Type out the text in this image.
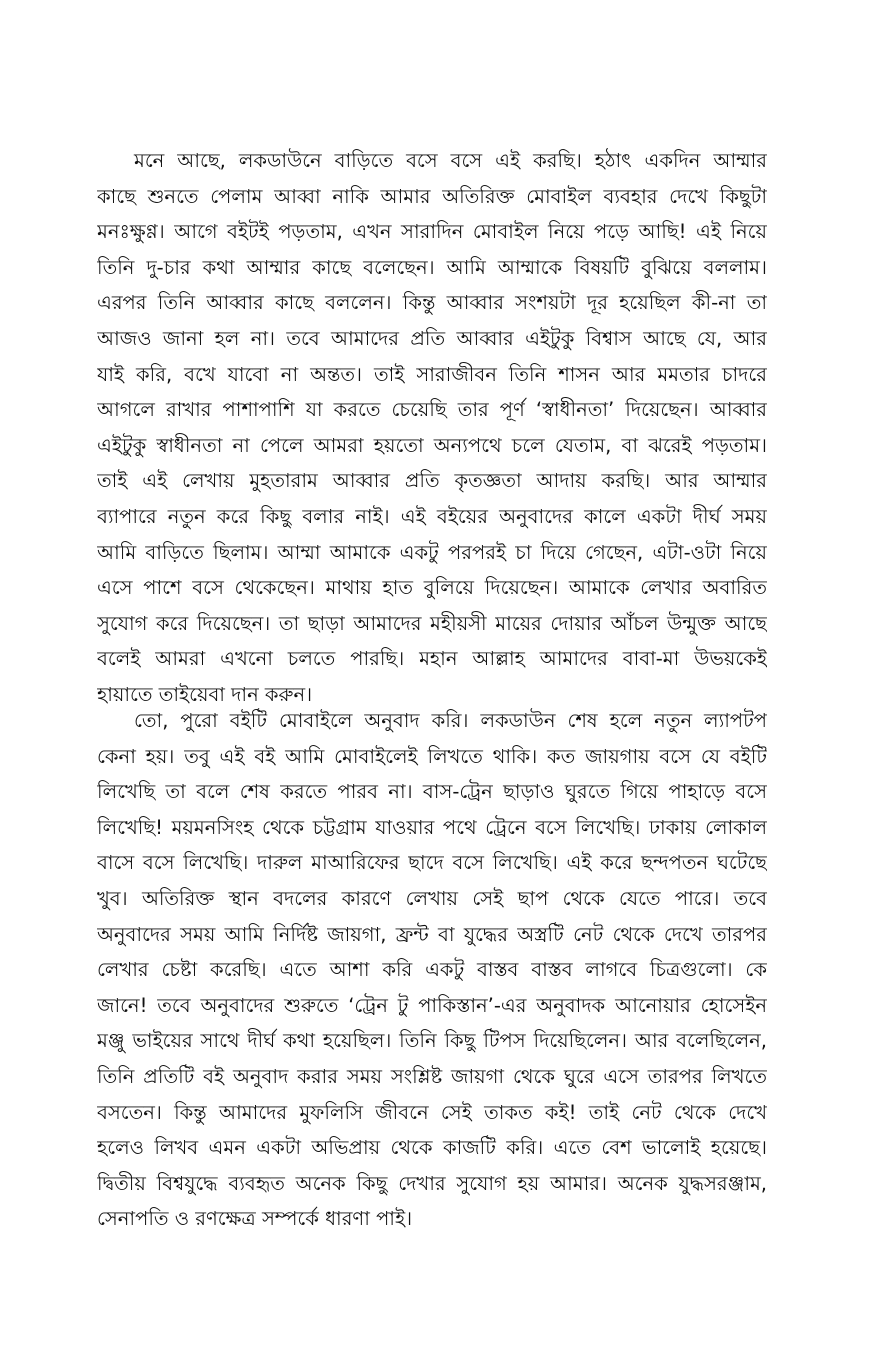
মনে আছে, লকডাউনে বাড়িতে বসে বসে এই করছি। হঠাৎ একদিন আম্মার
কাছে শুনতে পেলাম আব্বা নাকি আমার অতিরিক্ত মোবাইল ব্যবহার দেখে কিছুটা
মনঃক্ষুণ্ণ। আগে বইটই পড়তাম, এখন সারাদিন মোবাইল নিয়ে পড়ে আছি! এই নিয়ে
তিনি দু-চার কথা আম্মার কাছে বলেছেন। আমি আম্মাকে বিষয়টি বুঝিয়ে বললাম।
এরপর তিনি আব্বার কাছে বললেন। কিন্তু আব্বার সংশয়টা দূর হয়েছিল কী-না তা
আজও জানা হল না। তবে আমাদের প্রতি আব্বার এইটুকু বিশ্বাস আছে যে, আর
যাই করি, বখে যাবো না অন্তত। তাই সারাজীবন তিনি শাসন আর মমতার চাদরে
আগলে রাখার পাশাপাশি যা করতে চেয়েছি তার পূর্ণ ‘স্বাধীনতা’ দিয়েছেন। আব্বার
এইটুকু স্বাধীনতা না পেলে আমরা হয়তো অন্যপথে চলে যেতাম, বা ঝরেই পড়তাম।
তাই এই লেখায় মুহতারাম আব্বার প্রতি কৃতজ্ঞতা আদায় করছি। আর আম্মার
ব্যাপারে নতুন করে কিছু বলার নাই। এই বইয়ের অনুবাদের কালে একটা দীর্ঘ সময়
আমি বাড়িতে ছিলাম। আম্মা আমাকে একটু পরপরই চা দিয়ে গেছেন, এটা-ওটা নিয়ে
এসে পাশে বসে থেকেছেন। মাথায় হাত বুলিয়ে দিয়েছেন। আমাকে লেখার অবারিত
সুযোগ করে দিয়েছেন। তা ছাড়া আমাদের মহীয়সী মায়ের দোয়ার আঁচল উন্মুক্ত আছে
বলেই আমরা এখনো চলতে পারছি। মহান আল্লাহ আমাদের বাবা-মা উভয়কেই
হায়াতে তাইয়েবা দান করুন।
তো, পুরো বইটি মোবাইলে অনুবাদ করি। লকডাউন শেষ হলে নতুন ল্যাপটপ
কেনা হয়। তবু এই বই আমি মোবাইলেই লিখতে থাকি। কত জায়গায় বসে যে বইটি
লিখেছি তা বলে শেষ করতে পারব না। বাস-ট্রেন ছাড়াও ঘুরতে গিয়ে পাহাড়ে বসে
লিখেছি! ময়মনসিংহ থেকে চট্টগ্রাম যাওয়ার পথে ট্রেনে বসে লিখেছি। ঢাকায় লোকাল
বাসে বসে লিখেছি। দারুল মাআরিফের ছাদে বসে লিখেছি। এই করে ছন্দপতন ঘটেছে
খুব। অতিরিক্ত স্থান বদলের কারণে লেখায় সেই ছাপ থেকে যেতে পারে। তবে
অনুবাদের সময় আমি নির্দিষ্ট জায়গা, ফ্রন্ট বা যুদ্ধের অস্ত্রটি নেট থেকে দেখে তারপর
লেখার চেষ্টা করেছি। এতে আশা করি একটু বাস্তব বাস্তব লাগবে চিত্রগুলো। কে
জানে! তবে অনুবাদের শুরুতে ‘ট্রেন টু পাকিস্তান’-এর অনুবাদক আনোয়ার হোসেইন
মঞ্জু ভাইয়ের সাথে দীর্ঘ কথা হয়েছিল। তিনি কিছু টিপস দিয়েছিলেন। আর বলেছিলেন,
তিনি প্রতিটি বই অনুবাদ করার সময় সংশ্লিষ্ট জায়গা থেকে ঘুরে এসে তারপর লিখতে
বসতেন। কিন্তু আমাদের মুফলিসি জীবনে সেই তাকত কই! তাই নেট থেকে দেখে
হলেও লিখব এমন একটা অভিপ্রায় থেকে কাজটি করি। এতে বেশ ভালোই হয়েছে।
দ্বিতীয় বিশ্বযুদ্ধে ব্যবহৃত অনেক কিছু দেখার সুযোগ হয় আমার। অনেক যুদ্ধসরঞ্জাম,
সেনাপতি ও রণক্ষেত্র সম্পর্কে ধারণা পাই।
